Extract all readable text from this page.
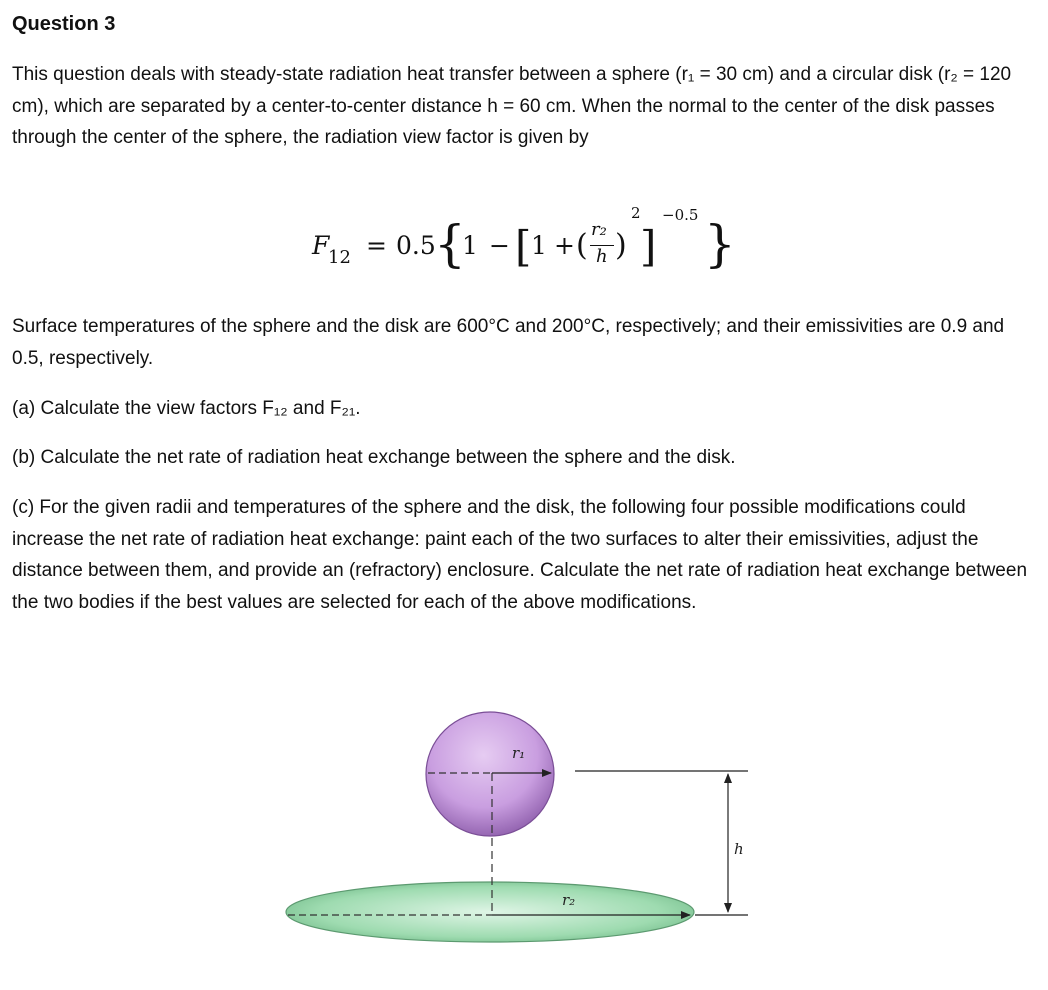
Question 3
This question deals with steady-state radiation heat transfer between a sphere (r₁ = 30 cm) and a circular disk (r₂ = 120 cm), which are separated by a center-to-center distance h = 60 cm. When the normal to the center of the disk passes through the center of the sphere, the radiation view factor is given by
F
12 = 0.5
{
1 − [ 1 + ( r₂
h )
2
]
−0.5 }
Surface temperatures of the sphere and the disk are 600°C and 200°C, respectively; and their emissivities are 0.9 and 0.5, respectively.
(a) Calculate the view factors F₁₂ and F₂₁.
(b) Calculate the net rate of radiation heat exchange between the sphere and the disk.
(c) For the given radii and temperatures of the sphere and the disk, the following four possible modifications could increase the net rate of radiation heat exchange: paint each of the two surfaces to alter their emissivities, adjust the distance between them, and provide an (refractory) enclosure. Calculate the net rate of radiation heat exchange between the two bodies if the best values are selected for each of the above modifications.
r₁
r₂
h
